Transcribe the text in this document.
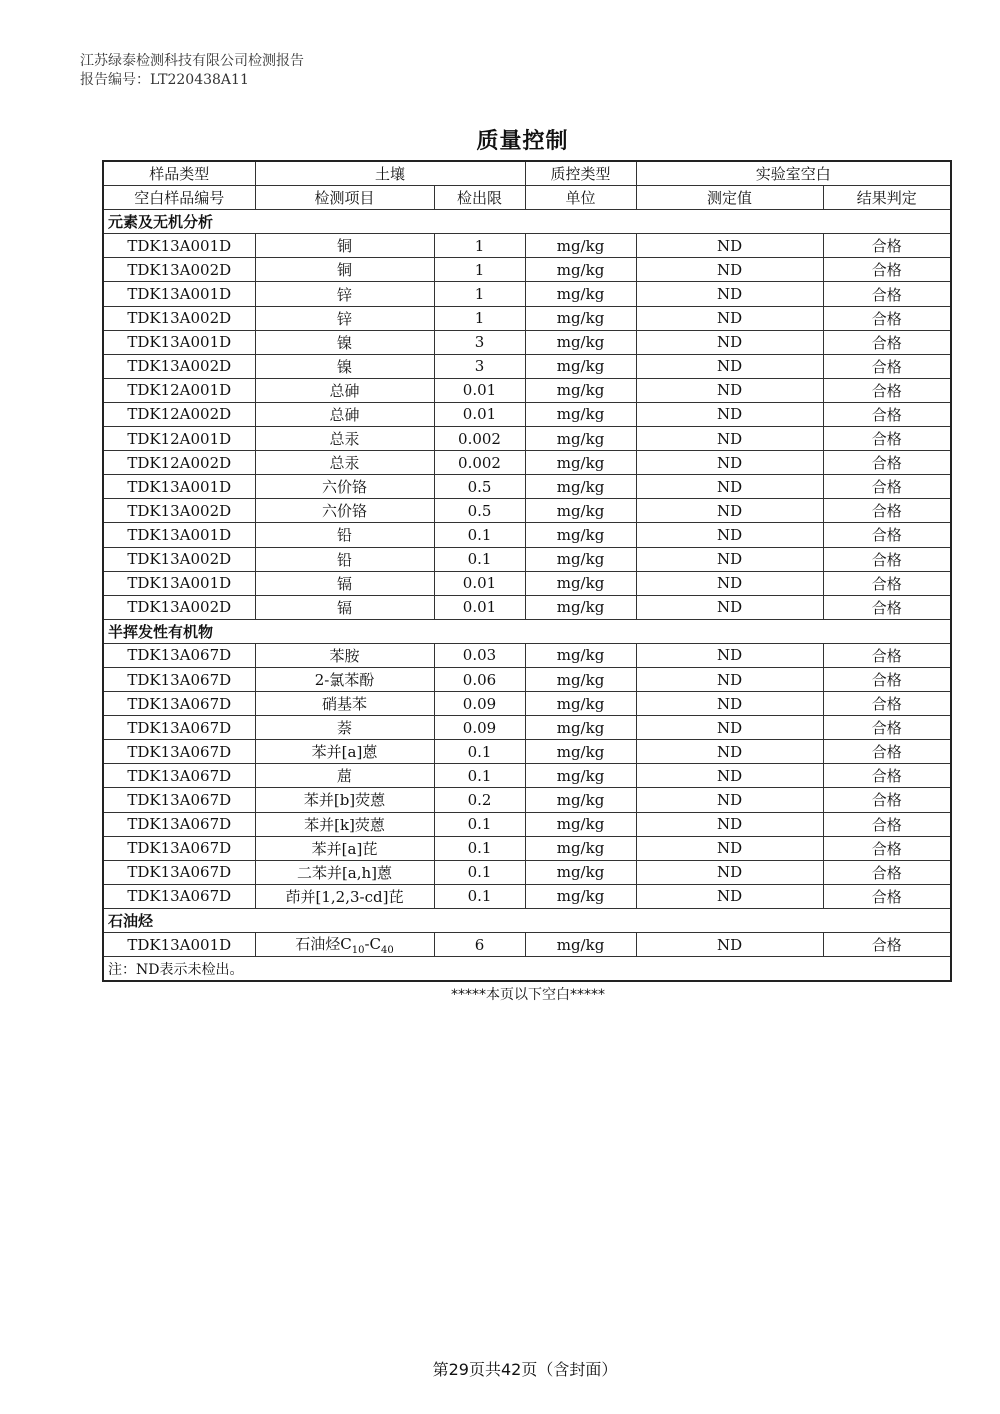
江苏绿泰检测科技有限公司检测报告
报告编号：LT220438A11
质量控制
样品类型	土壤		质控类型	实验室空白	
空白样品编号	检测项目	检出限	单位	测定值	结果判定
元素及无机分析					
TDK13A001D	铜	1	mg/kg	ND	合格
TDK13A002D	铜	1	mg/kg	ND	合格
TDK13A001D	锌	1	mg/kg	ND	合格
TDK13A002D	锌	1	mg/kg	ND	合格
TDK13A001D	镍	3	mg/kg	ND	合格
TDK13A002D	镍	3	mg/kg	ND	合格
TDK12A001D	总砷	0.01	mg/kg	ND	合格
TDK12A002D	总砷	0.01	mg/kg	ND	合格
TDK12A001D	总汞	0.002	mg/kg	ND	合格
TDK12A002D	总汞	0.002	mg/kg	ND	合格
TDK13A001D	六价铬	0.5	mg/kg	ND	合格
TDK13A002D	六价铬	0.5	mg/kg	ND	合格
TDK13A001D	铅	0.1	mg/kg	ND	合格
TDK13A002D	铅	0.1	mg/kg	ND	合格
TDK13A001D	镉	0.01	mg/kg	ND	合格
TDK13A002D	镉	0.01	mg/kg	ND	合格
半挥发性有机物					
TDK13A067D	苯胺	0.03	mg/kg	ND	合格
TDK13A067D	2-氯苯酚	0.06	mg/kg	ND	合格
TDK13A067D	硝基苯	0.09	mg/kg	ND	合格
TDK13A067D	萘	0.09	mg/kg	ND	合格
TDK13A067D	苯并[a]蒽	0.1	mg/kg	ND	合格
TDK13A067D	䓛	0.1	mg/kg	ND	合格
TDK13A067D	苯并[b]荧蒽	0.2	mg/kg	ND	合格
TDK13A067D	苯并[k]荧蒽	0.1	mg/kg	ND	合格
TDK13A067D	苯并[a]芘	0.1	mg/kg	ND	合格
TDK13A067D	二苯并[a,h]蒽	0.1	mg/kg	ND	合格
TDK13A067D	茚并[1,2,3-cd]芘	0.1	mg/kg	ND	合格
石油烃					
TDK13A001D	石油烃$C_{10}-C_{40}$	6	mg/kg	ND	合格
注：ND表示未检出。					
*****本页以下空白*****
第29页共42页（含封面）
